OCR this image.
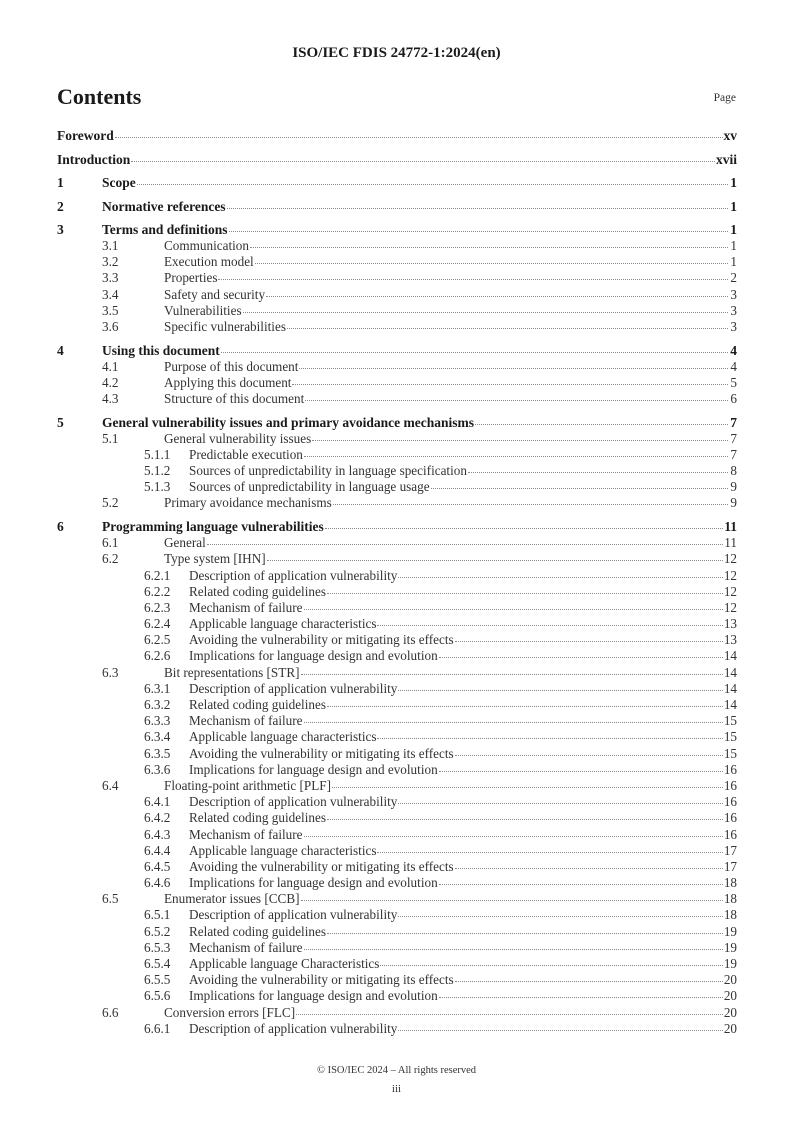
ISO/IEC FDIS 24772-1:2024(en)
Contents	Page
Foreword	xv
Introduction	xvii
1	Scope	1
2	Normative references	1
3	Terms and definitions	1
3.1	Communication	1
3.2	Execution model	1
3.3	Properties	2
3.4	Safety and security	3
3.5	Vulnerabilities	3
3.6	Specific vulnerabilities	3
4	Using this document	4
4.1	Purpose of this document	4
4.2	Applying this document	5
4.3	Structure of this document	6
5	General vulnerability issues and primary avoidance mechanisms	7
5.1	General vulnerability issues	7
5.1.1	Predictable execution	7
5.1.2	Sources of unpredictability in language specification	8
5.1.3	Sources of unpredictability in language usage	9
5.2	Primary avoidance mechanisms	9
6	Programming language vulnerabilities	11
6.1	General	11
6.2	Type system [IHN]	12
6.2.1	Description of application vulnerability	12
6.2.2	Related coding guidelines	12
6.2.3	Mechanism of failure	12
6.2.4	Applicable language characteristics	13
6.2.5	Avoiding the vulnerability or mitigating its effects	13
6.2.6	Implications for language design and evolution	14
6.3	Bit representations [STR]	14
6.3.1	Description of application vulnerability	14
6.3.2	Related coding guidelines	14
6.3.3	Mechanism of failure	15
6.3.4	Applicable language characteristics	15
6.3.5	Avoiding the vulnerability or mitigating its effects	15
6.3.6	Implications for language design and evolution	16
6.4	Floating-point arithmetic [PLF]	16
6.4.1	Description of application vulnerability	16
6.4.2	Related coding guidelines	16
6.4.3	Mechanism of failure	16
6.4.4	Applicable language characteristics	17
6.4.5	Avoiding the vulnerability or mitigating its effects	17
6.4.6	Implications for language design and evolution	18
6.5	Enumerator issues [CCB]	18
6.5.1	Description of application vulnerability	18
6.5.2	Related coding guidelines	19
6.5.3	Mechanism of failure	19
6.5.4	Applicable language Characteristics	19
6.5.5	Avoiding the vulnerability or mitigating its effects	20
6.5.6	Implications for language design and evolution	20
6.6	Conversion errors [FLC]	20
6.6.1	Description of application vulnerability	20
© ISO/IEC 2024 – All rights reserved
iii
